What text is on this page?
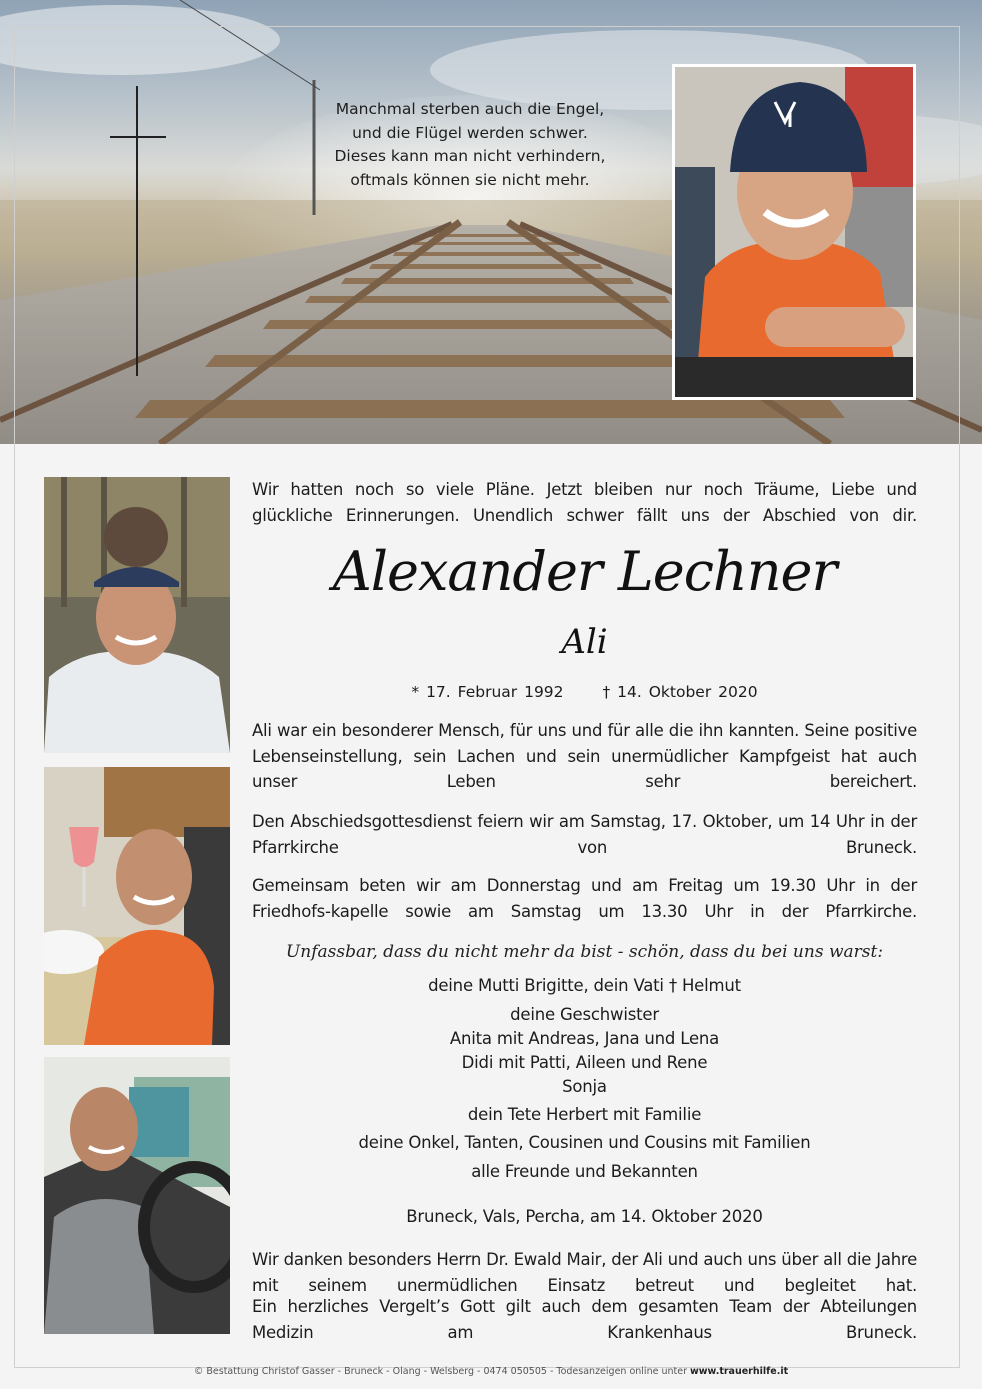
Manchmal sterben auch die Engel,
und die Flügel werden schwer.
Dieses kann man nicht verhindern,
oftmals können sie nicht mehr.
Wir hatten noch so viele Pläne. Jetzt bleiben nur noch Träume, Liebe und glückliche Erinnerungen. Unendlich schwer fällt uns der Abschied von dir.
Alexander Lechner
Ali
* 17. Februar 1992	† 14. Oktober 2020
Ali war ein besonderer Mensch, für uns und für alle die ihn kannten. Seine positive Lebenseinstellung, sein Lachen und sein unermüdlicher Kampfgeist hat auch unser Leben sehr bereichert.
Den Abschiedsgottesdienst feiern wir am Samstag, 17. Oktober, um 14 Uhr in der Pfarrkirche von Bruneck.
Gemeinsam beten wir am Donnerstag und am Freitag um 19.30 Uhr in der Friedhofs-kapelle sowie am Samstag um 13.30 Uhr in der Pfarrkirche.
Unfassbar, dass du nicht mehr da bist - schön, dass du bei uns warst:
deine Mutti Brigitte, dein Vati † Helmut
deine Geschwister
Anita mit Andreas, Jana und Lena
Didi mit Patti, Aileen und Rene
Sonja
dein Tete Herbert mit Familie
deine Onkel, Tanten, Cousinen und Cousins mit Familien
alle Freunde und Bekannten
Bruneck, Vals, Percha, am 14. Oktober 2020
Wir danken besonders Herrn Dr. Ewald Mair, der Ali und auch uns über all die Jahre mit seinem unermüdlichen Einsatz betreut und begleitet hat.
Ein herzliches Vergelt’s Gott gilt auch dem gesamten Team der Abteilungen Medizin am Krankenhaus Bruneck.
© Bestattung Christof Gasser - Bruneck - Olang - Welsberg - 0474 050505 - Todesanzeigen online unter www.trauerhilfe.it
